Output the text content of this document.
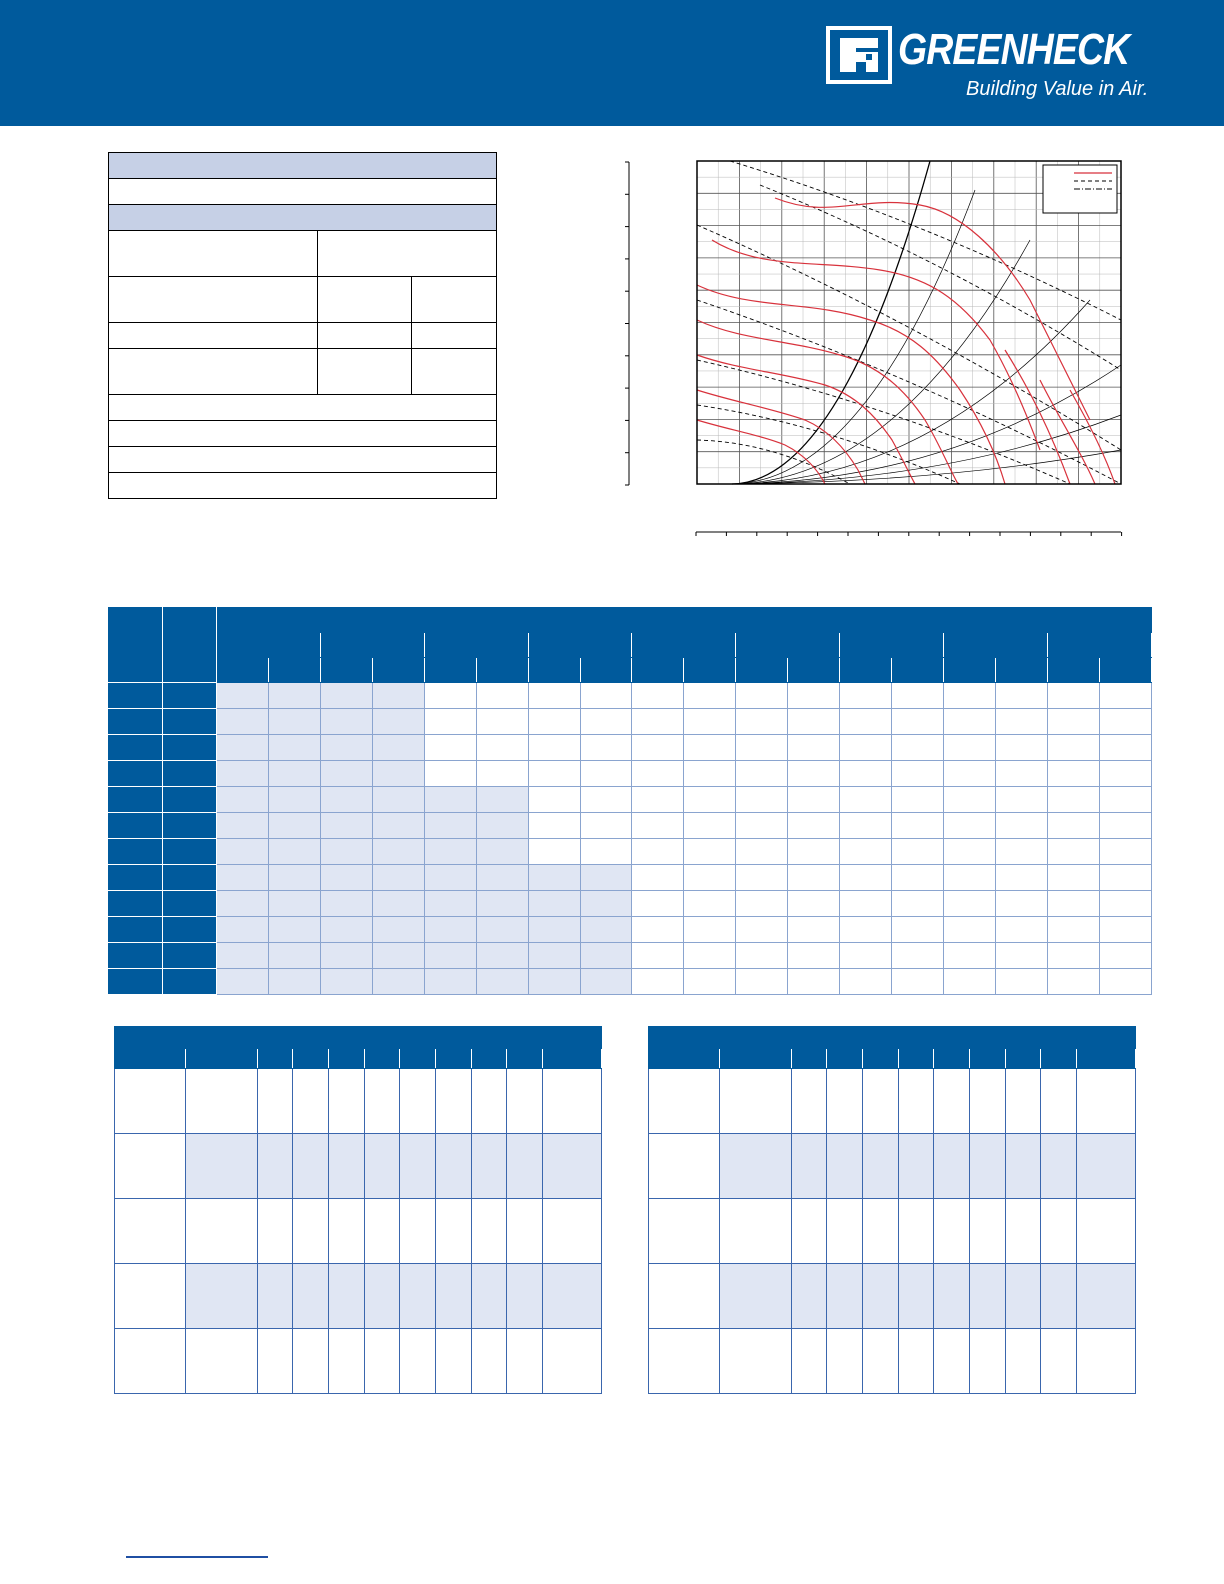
GREENHECK
Building Value in Air.
